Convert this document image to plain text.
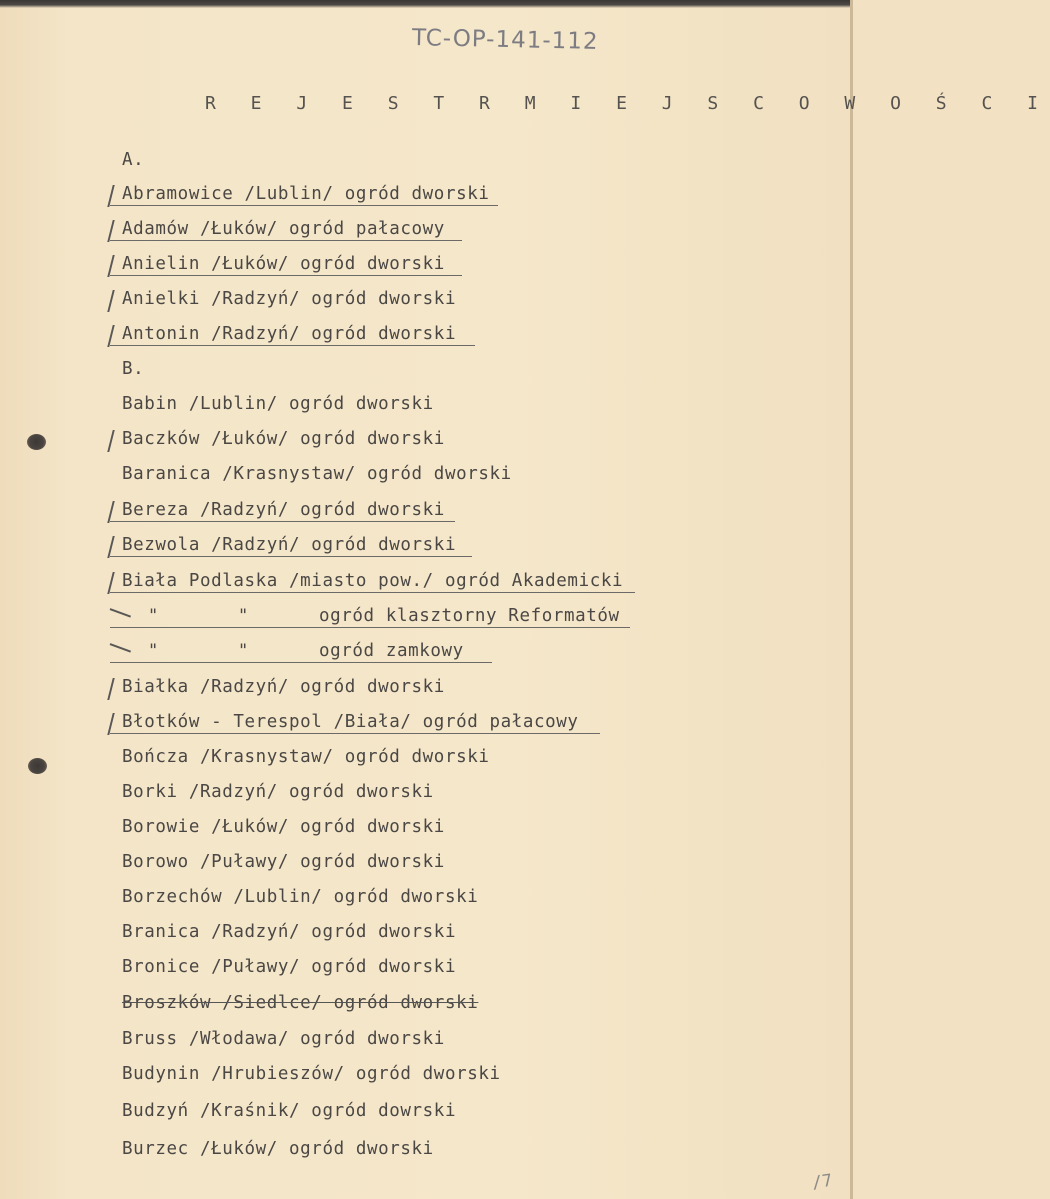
TC-OP-141-112
R E J E S T R M I E J S C O W O Ś C I
A.
Abramowice /Lublin/ ogród dworski
Adamów /Łuków/ ogród pałacowy
Anielin /Łuków/ ogród dworski
Anielki /Radzyń/ ogród dworski
Antonin /Radzyń/ ogród dworski
B.
Babin /Lublin/ ogród dworski
Baczków /Łuków/ ogród dworski
Baranica /Krasnystaw/ ogród dworski
Bereza /Radzyń/ ogród dworski
Bezwola /Radzyń/ ogród dworski
Biała Podlaska /miasto pow./ ogród Akademicki
"	"	ogród klasztorny Reformatów
"	"	ogród zamkowy
Białka /Radzyń/ ogród dworski
Błotków - Terespol /Biała/ ogród pałacowy
Bończa /Krasnystaw/ ogród dworski
Borki /Radzyń/ ogród dworski
Borowie /Łuków/ ogród dworski
Borowo /Puławy/ ogród dworski
Borzechów /Lublin/ ogród dworski
Branica /Radzyń/ ogród dworski
Bronice /Puławy/ ogród dworski
Broszków /Siedlce/ ogród dworski
Bruss /Włodawa/ ogród dworski
Budynin /Hrubieszów/ ogród dworski
Budzyń /Kraśnik/ ogród dowrski
Burzec /Łuków/ ogród dworski
/7
